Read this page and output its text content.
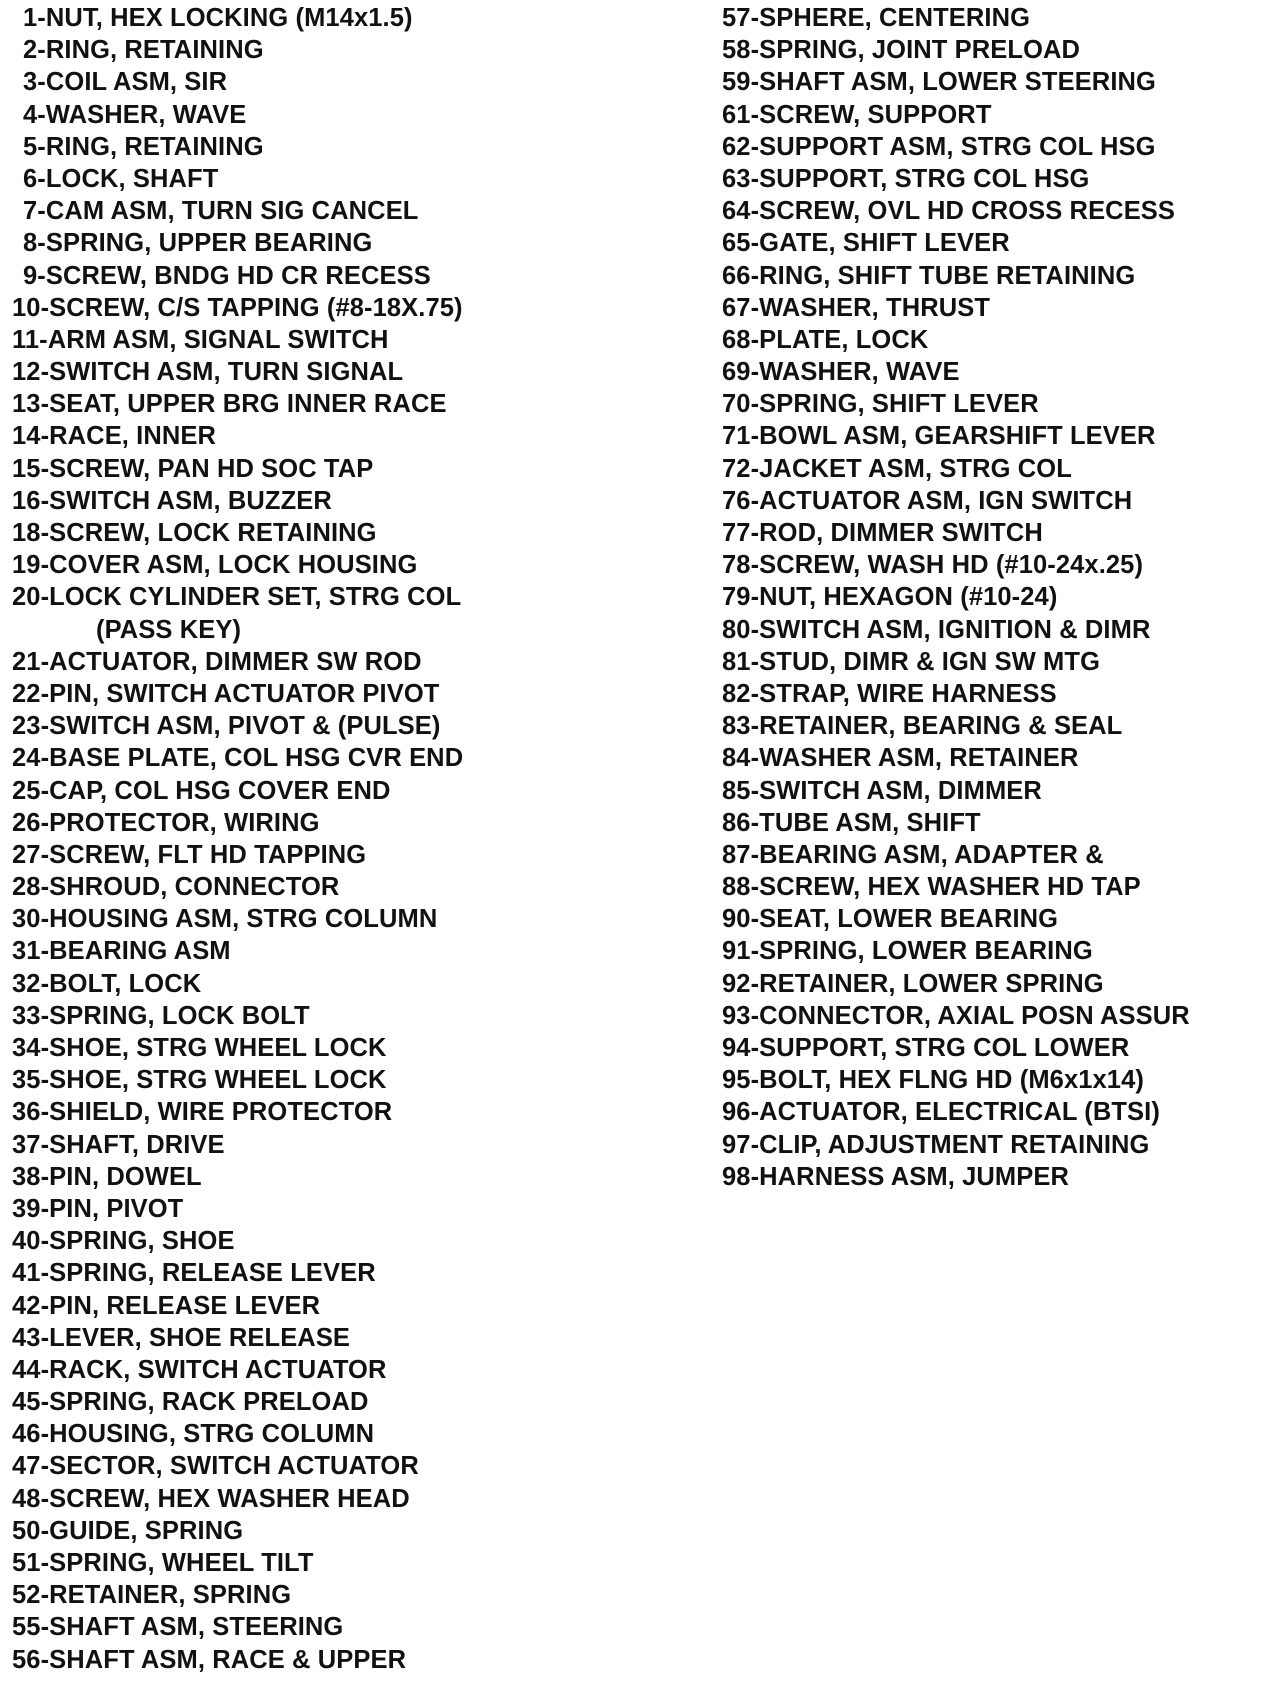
1-NUT, HEX LOCKING (M14x1.5)
2-RING, RETAINING
3-COIL ASM, SIR
4-WASHER, WAVE
5-RING, RETAINING
6-LOCK, SHAFT
7-CAM ASM, TURN SIG CANCEL
8-SPRING, UPPER BEARING
9-SCREW, BNDG HD CR RECESS
10-SCREW, C/S TAPPING (#8-18X.75)
11-ARM ASM, SIGNAL SWITCH
12-SWITCH ASM, TURN SIGNAL
13-SEAT, UPPER BRG INNER RACE
14-RACE, INNER
15-SCREW, PAN HD SOC TAP
16-SWITCH ASM, BUZZER
18-SCREW, LOCK RETAINING
19-COVER ASM, LOCK HOUSING
20-LOCK CYLINDER SET, STRG COL
(PASS KEY)
21-ACTUATOR, DIMMER SW ROD
22-PIN, SWITCH ACTUATOR PIVOT
23-SWITCH ASM, PIVOT & (PULSE)
24-BASE PLATE, COL HSG CVR END
25-CAP, COL HSG COVER END
26-PROTECTOR, WIRING
27-SCREW, FLT HD TAPPING
28-SHROUD, CONNECTOR
30-HOUSING ASM, STRG COLUMN
31-BEARING ASM
32-BOLT, LOCK
33-SPRING, LOCK BOLT
34-SHOE, STRG WHEEL LOCK
35-SHOE, STRG WHEEL LOCK
36-SHIELD, WIRE PROTECTOR
37-SHAFT, DRIVE
38-PIN, DOWEL
39-PIN, PIVOT
40-SPRING, SHOE
41-SPRING, RELEASE LEVER
42-PIN, RELEASE LEVER
43-LEVER, SHOE RELEASE
44-RACK, SWITCH ACTUATOR
45-SPRING, RACK PRELOAD
46-HOUSING, STRG COLUMN
47-SECTOR, SWITCH ACTUATOR
48-SCREW, HEX WASHER HEAD
50-GUIDE, SPRING
51-SPRING, WHEEL TILT
52-RETAINER, SPRING
55-SHAFT ASM, STEERING
56-SHAFT ASM, RACE & UPPER
57-SPHERE, CENTERING
58-SPRING, JOINT PRELOAD
59-SHAFT ASM, LOWER STEERING
61-SCREW, SUPPORT
62-SUPPORT ASM, STRG COL HSG
63-SUPPORT, STRG COL HSG
64-SCREW, OVL HD CROSS RECESS
65-GATE, SHIFT LEVER
66-RING, SHIFT TUBE RETAINING
67-WASHER, THRUST
68-PLATE, LOCK
69-WASHER, WAVE
70-SPRING, SHIFT LEVER
71-BOWL ASM, GEARSHIFT LEVER
72-JACKET ASM, STRG COL
76-ACTUATOR ASM, IGN SWITCH
77-ROD, DIMMER SWITCH
78-SCREW, WASH HD (#10-24x.25)
79-NUT, HEXAGON (#10-24)
80-SWITCH ASM, IGNITION & DIMR
81-STUD, DIMR & IGN SW MTG
82-STRAP, WIRE HARNESS
83-RETAINER, BEARING & SEAL
84-WASHER ASM, RETAINER
85-SWITCH ASM, DIMMER
86-TUBE ASM, SHIFT
87-BEARING ASM, ADAPTER &
88-SCREW, HEX WASHER HD TAP
90-SEAT, LOWER BEARING
91-SPRING, LOWER BEARING
92-RETAINER, LOWER SPRING
93-CONNECTOR, AXIAL POSN ASSUR
94-SUPPORT, STRG COL LOWER
95-BOLT, HEX FLNG HD (M6x1x14)
96-ACTUATOR, ELECTRICAL (BTSI)
97-CLIP, ADJUSTMENT RETAINING
98-HARNESS ASM, JUMPER
